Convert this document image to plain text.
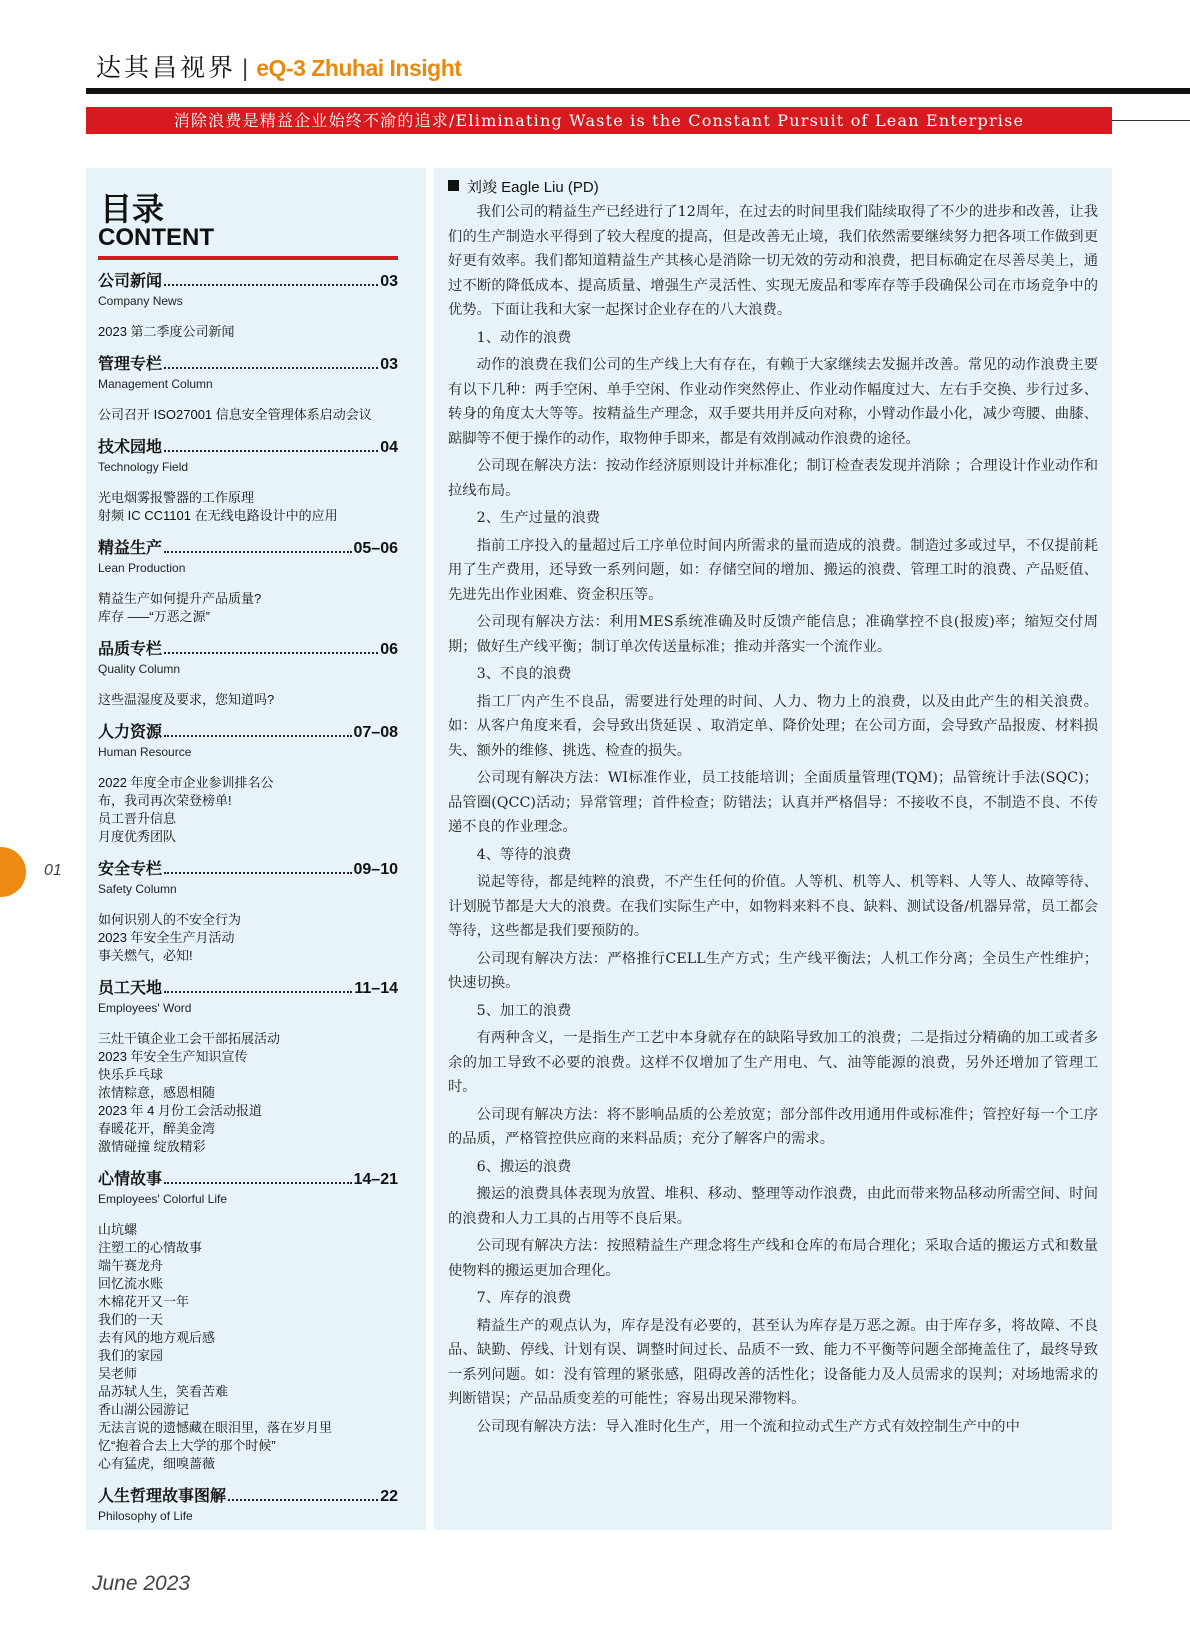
达其昌视界 | eQ-3 Zhuhai Insight
消除浪费是精益企业始终不渝的追求/Eliminating Waste is the Constant Pursuit of Lean Enterprise
目录
CONTENT
公司新闻	03
Company News
2023 第二季度公司新闻
管理专栏	03
Management Column
公司召开 ISO27001 信息安全管理体系启动会议
技术园地	04
Technology Field
光电烟雾报警器的工作原理
射频 IC CC1101 在无线电路设计中的应用
精益生产	05–06
Lean Production
精益生产如何提升产品质量?
库存 –––“万恶之源”
品质专栏	06
Quality Column
这些温湿度及要求，您知道吗?
人力资源	07–08
Human Resource
2022 年度全市企业参训排名公
布，我司再次荣登榜单!
员工晋升信息
月度优秀团队
安全专栏	09–10
Safety Column
如何识别人的不安全行为
2023 年安全生产月活动
事关燃气，必知!
员工天地	11–14
Employees' Word
三灶干镇企业工会干部拓展活动
2023 年安全生产知识宣传
快乐乒乓球
浓情粽意，感恩相随
2023 年 4 月份工会活动报道
春暖花开，醉美金湾
激情碰撞 绽放精彩
心情故事	14–21
Employees' Colorful Life
山坑螺
注塑工的心情故事
端午赛龙舟
回忆流水账
木棉花开又一年
我们的一天
去有风的地方观后感
我们的家园
吴老师
品苏轼人生，笑看苦难
香山湖公园游记
无法言说的遗憾藏在眼泪里，落在岁月里
忆“抱着合去上大学的那个时候”
心有猛虎，细嗅蔷薇
人生哲理故事图解	22
Philosophy of Life
刘竣 Eagle Liu (PD)

我们公司的精益生产已经进行了12周年，在过去的时间里我们陆续取得了不少的进步和改善，让我们的生产制造水平得到了较大程度的提高，但是改善无止境，我们依然需要继续努力把各项工作做到更好更有效率。我们都知道精益生产其核心是消除一切无效的劳动和浪费，把目标确定在尽善尽美上，通过不断的降低成本、提高质量、增强生产灵活性、实现无废品和零库存等手段确保公司在市场竞争中的优势。下面让我和大家一起探讨企业存在的八大浪费。

1、动作的浪费

动作的浪费在我们公司的生产线上大有存在，有赖于大家继续去发掘并改善。常见的动作浪费主要有以下几种：两手空闲、单手空闲、作业动作突然停止、作业动作幅度过大、左右手交换、步行过多、转身的角度太大等等。按精益生产理念，双手要共用并反向对称，小臂动作最小化，减少弯腰、曲膝、踮脚等不便于操作的动作，取物伸手即来，都是有效削减动作浪费的途径。

公司现在解决方法：按动作经济原则设计并标准化；制订检查表发现并消除 ；合理设计作业动作和拉线布局。

2、生产过量的浪费

指前工序投入的量超过后工序单位时间内所需求的量而造成的浪费。制造过多或过早，不仅提前耗用了生产费用，还导致一系列问题，如：存储空间的增加、搬运的浪费、管理工时的浪费、产品贬值、先进先出作业困难、资金积压等。

公司现有解决方法：利用MES系统准确及时反馈产能信息；准确掌控不良(报废)率；缩短交付周期；做好生产线平衡；制订单次传送量标准；推动并落实一个流作业。

3、不良的浪费

指工厂内产生不良品，需要进行处理的时间、人力、物力上的浪费，以及由此产生的相关浪费。如：从客户角度来看，会导致出货延误 、取消定单、降价处理；在公司方面，会导致产品报废、材料损失、额外的维修、挑选、检查的损失。

公司现有解决方法：WI标准作业，员工技能培训；全面质量管理(TQM)；品管统计手法(SQC)；品管圈(QCC)活动；异常管理；首件检查；防错法；认真并严格倡导：不接收不良，不制造不良、不传递不良的作业理念。

4、等待的浪费

说起等待，都是纯粹的浪费，不产生任何的价值。人等机、机等人、机等料、人等人、故障等待、计划脱节都是大大的浪费。在我们实际生产中，如物料来料不良、缺料、测试设备/机器异常，员工都会等待，这些都是我们要预防的。

公司现有解决方法：严格推行CELL生产方式；生产线平衡法；人机工作分离；全员生产性维护；快速切换。

5、加工的浪费

有两种含义，一是指生产工艺中本身就存在的缺陷导致加工的浪费；二是指过分精确的加工或者多余的加工导致不必要的浪费。这样不仅增加了生产用电、气、油等能源的浪费，另外还增加了管理工时。

公司现有解决方法：将不影响品质的公差放宽；部分部件改用通用件或标准件；管控好每一个工序的品质，严格管控供应商的来料品质；充分了解客户的需求。

6、搬运的浪费

搬运的浪费具体表现为放置、堆积、移动、整理等动作浪费，由此而带来物品移动所需空间、时间的浪费和人力工具的占用等不良后果。

公司现有解决方法：按照精益生产理念将生产线和仓库的布局合理化；采取合适的搬运方式和数量使物料的搬运更加合理化。

7、库存的浪费

精益生产的观点认为，库存是没有必要的，甚至认为库存是万恶之源。由于库存多，将故障、不良品、缺勤、停线、计划有误、调整时间过长、品质不一致、能力不平衡等问题全部掩盖住了，最终导致一系列问题。如：没有管理的紧张感，阻碍改善的活性化；设备能力及人员需求的误判；对场地需求的判断错误；产品品质变差的可能性；容易出现呆滞物料。

公司现有解决方法：导入准时化生产，用一个流和拉动式生产方式有效控制生产中的中

01
June 2023
